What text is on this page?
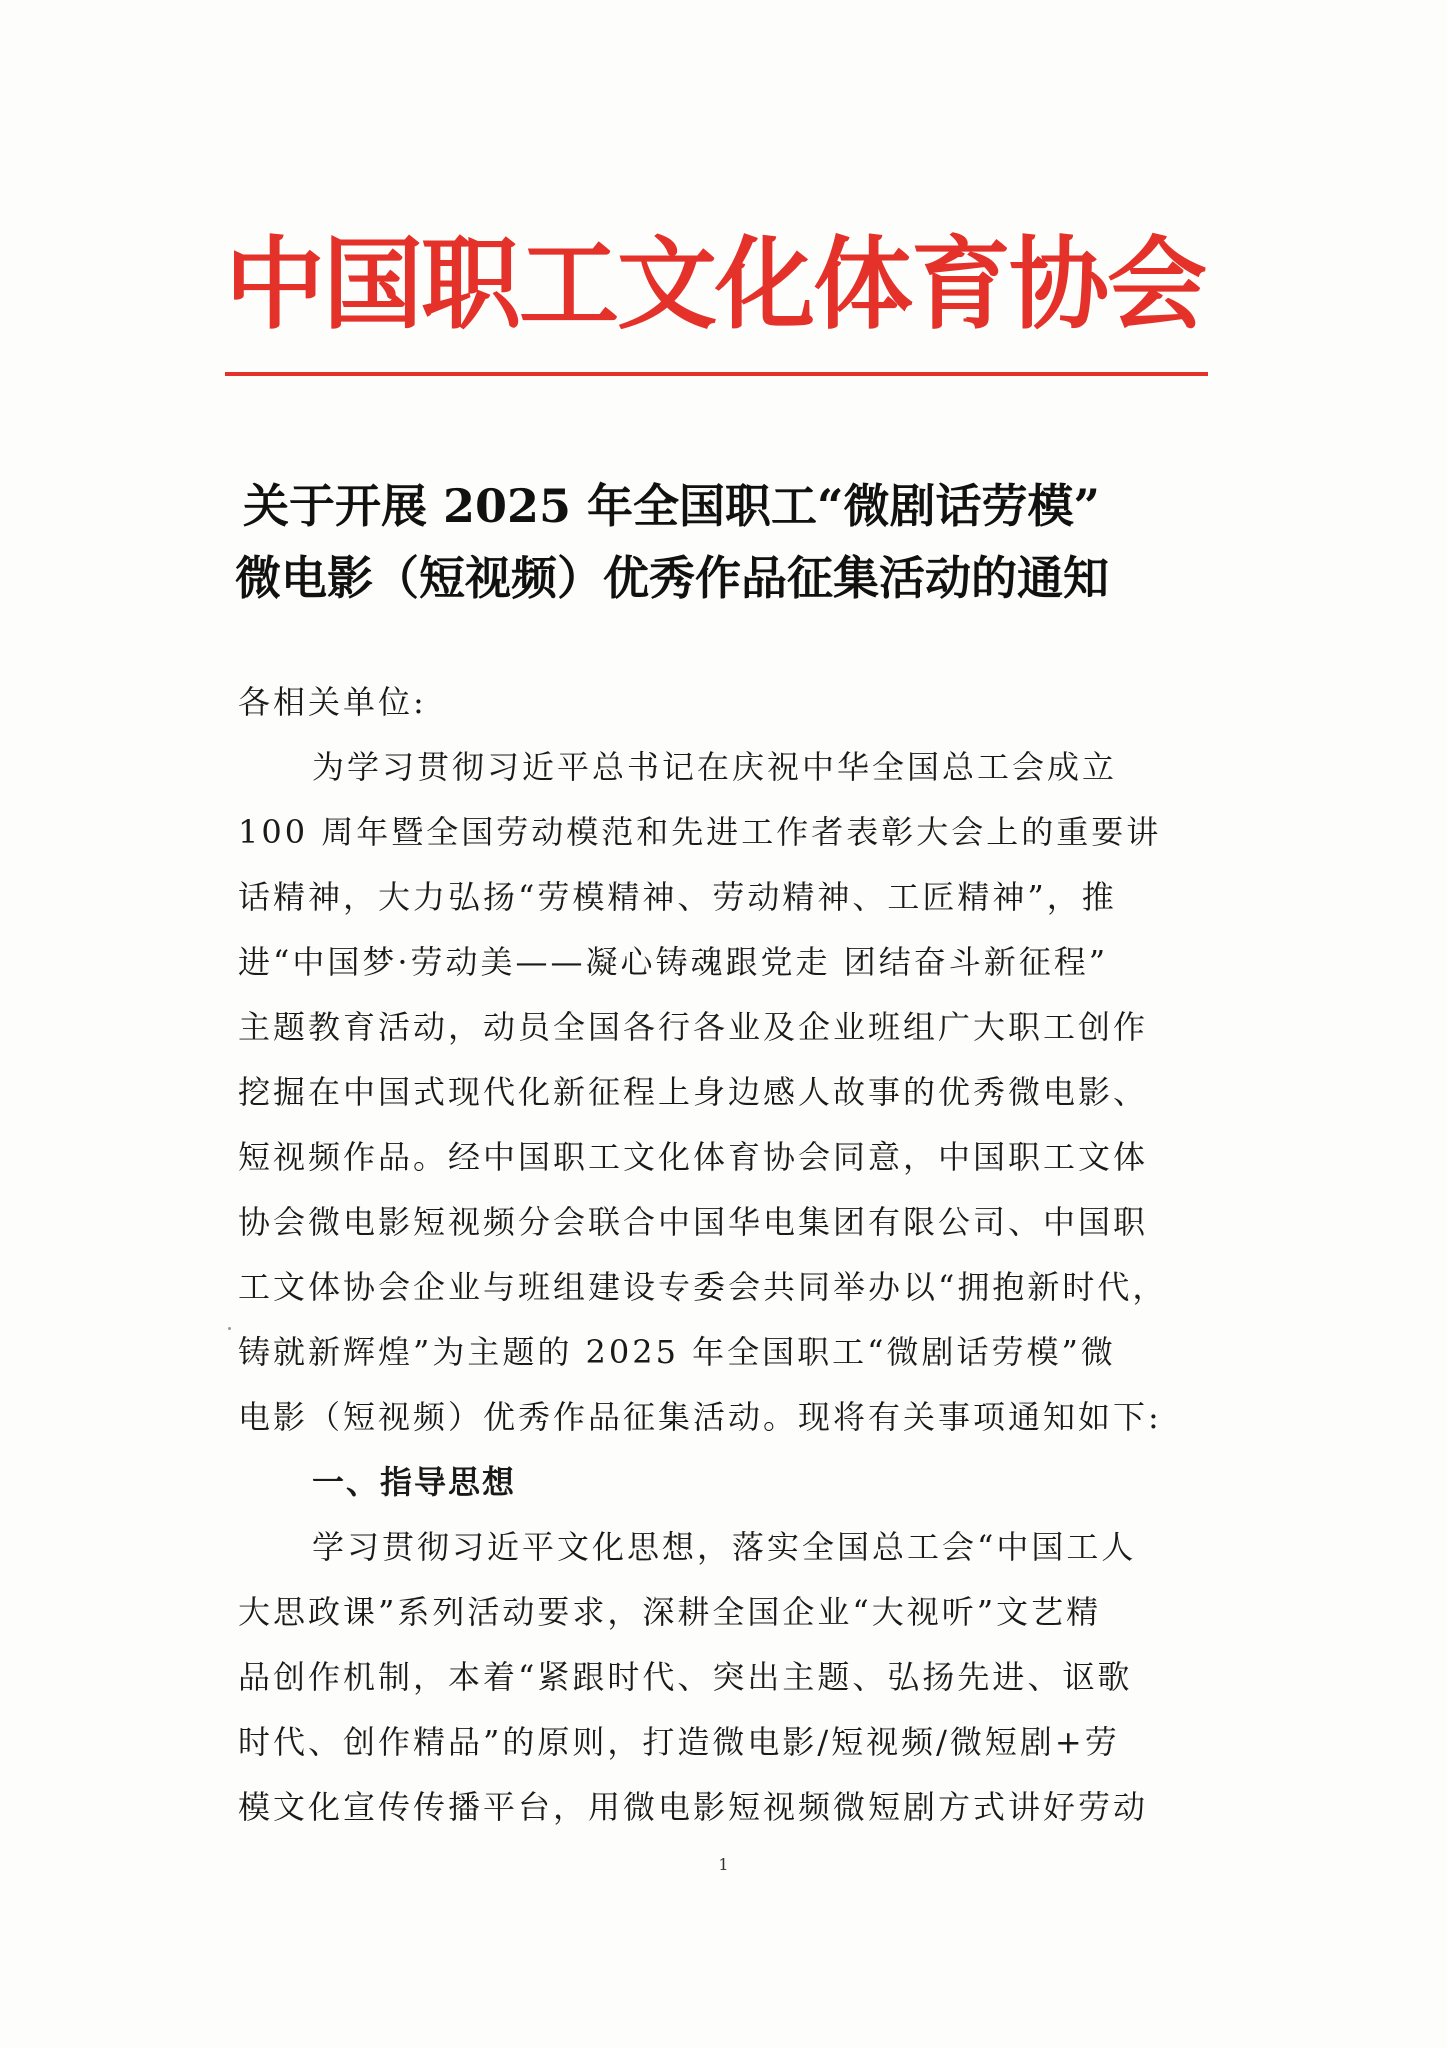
中国职工文化体育协会
关于开展 2025 年全国职工“微剧话劳模”
微电影（短视频）优秀作品征集活动的通知
各相关单位:
为学习贯彻习近平总书记在庆祝中华全国总工会成立
100 周年暨全国劳动模范和先进工作者表彰大会上的重要讲
话精神，大力弘扬“劳模精神、劳动精神、工匠精神”，推
进“中国梦·劳动美——凝心铸魂跟党走 团结奋斗新征程”
主题教育活动，动员全国各行各业及企业班组广大职工创作
挖掘在中国式现代化新征程上身边感人故事的优秀微电影、
短视频作品。经中国职工文化体育协会同意，中国职工文体
协会微电影短视频分会联合中国华电集团有限公司、中国职
工文体协会企业与班组建设专委会共同举办以“拥抱新时代，
铸就新辉煌”为主题的 2025 年全国职工“微剧话劳模”微
电影（短视频）优秀作品征集活动。现将有关事项通知如下:
一、指导思想
学习贯彻习近平文化思想，落实全国总工会“中国工人
大思政课”系列活动要求，深耕全国企业“大视听”文艺精
品创作机制，本着“紧跟时代、突出主题、弘扬先进、讴歌
时代、创作精品”的原则，打造微电影/短视频/微短剧+劳
模文化宣传传播平台，用微电影短视频微短剧方式讲好劳动
1
